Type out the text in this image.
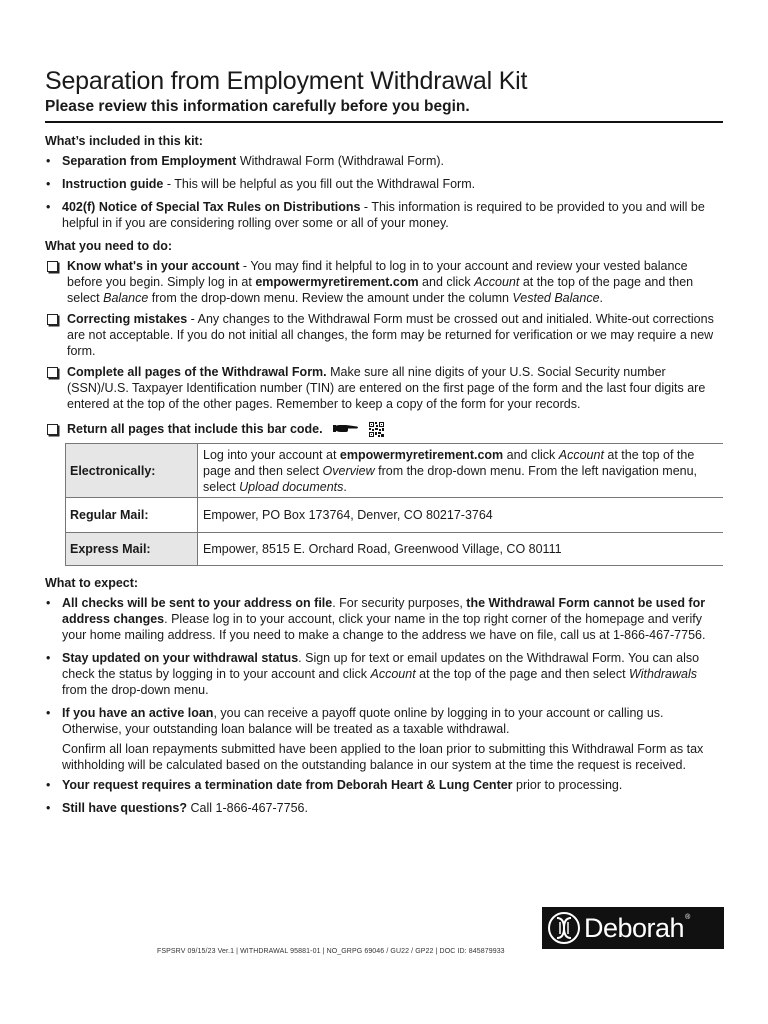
Separation from Employment Withdrawal Kit
Please review this information carefully before you begin.
What’s included in this kit:
• Separation from Employment Withdrawal Form (Withdrawal Form).
• Instruction guide - This will be helpful as you fill out the Withdrawal Form.
• 402(f) Notice of Special Tax Rules on Distributions - This information is required to be provided to you and will be helpful in if you are considering rolling over some or all of your money.
What you need to do:
Know what's in your account - You may find it helpful to log in to your account and review your vested balance before you begin. Simply log in at empowermyretirement.com and click Account at the top of the page and then select Balance from the drop-down menu. Review the amount under the column Vested Balance.
Correcting mistakes - Any changes to the Withdrawal Form must be crossed out and initialed. White-out corrections are not acceptable. If you do not initial all changes, the form may be returned for verification or we may require a new form.
Complete all pages of the Withdrawal Form. Make sure all nine digits of your U.S. Social Security number (SSN)/U.S. Taxpayer Identification number (TIN) are entered on the first page of the form and the last four digits are entered at the top of the other pages. Remember to keep a copy of the form for your records.
Return all pages that include this bar code.
Electronically:	Log into your account at empowermyretirement.com and click Account at the top of the page and then select Overview from the drop-down menu. From the left navigation menu, select Upload documents.
Regular Mail:	Empower, PO Box 173764, Denver, CO 80217-3764
Express Mail:	Empower, 8515 E. Orchard Road, Greenwood Village, CO 80111
What to expect:
• All checks will be sent to your address on file. For security purposes, the Withdrawal Form cannot be used for address changes. Please log in to your account, click your name in the top right corner of the homepage and verify your home mailing address. If you need to make a change to the address we have on file, call us at 1-866-467-7756.
• Stay updated on your withdrawal status. Sign up for text or email updates on the Withdrawal Form. You can also check the status by logging in to your account and click Account at the top of the page and then select Withdrawals from the drop-down menu.
• If you have an active loan, you can receive a payoff quote online by logging in to your account or calling us. Otherwise, your outstanding loan balance will be treated as a taxable withdrawal.
Confirm all loan repayments submitted have been applied to the loan prior to submitting this Withdrawal Form as tax withholding will be calculated based on the outstanding balance in our system at the time the request is received.
• Your request requires a termination date from Deborah Heart & Lung Center prior to processing.
• Still have questions? Call 1-866-467-7756.
FSPSRV 09/15/23 Ver.1 | WITHDRAWAL 95881-01 | NO_GRPG 69046 / GU22 / GP22 | DOC ID: 845879933
Deborah ®
